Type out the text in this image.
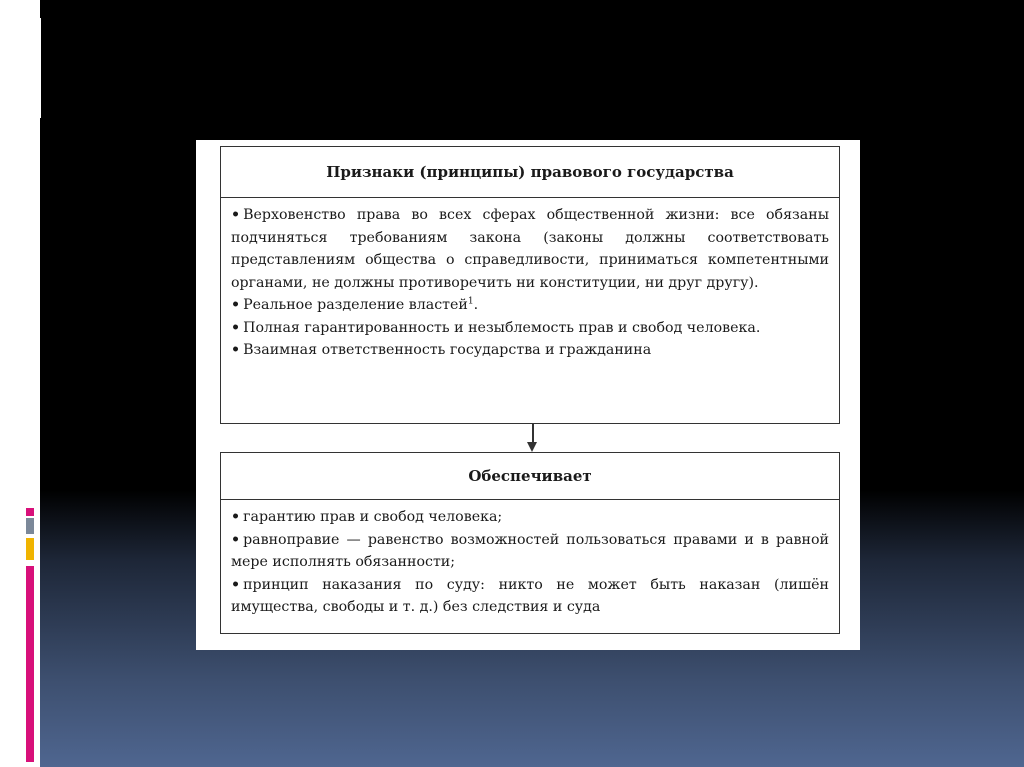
Признаки (принципы) правового государства

• Верховенство права во всех сферах общественной жизни: все обязаны подчиняться требованиям закона (законы должны соответствовать представлениям общества о справедливости, приниматься компетентными органами, не должны противоречить ни конституции, ни друг другу).

• Реальное разделение властей$^1$.

• Полная гарантированность и незыблемость прав и свобод человека.

• Взаимная ответственность государства и гражданина

Обеспечивает

• гарантию прав и свобод человека;

• равноправие — равенство возможностей пользоваться правами и в равной мере исполнять обязанности;

• принцип наказания по суду: никто не может быть наказан (лишён имущества, свободы и т. д.) без следствия и суда
